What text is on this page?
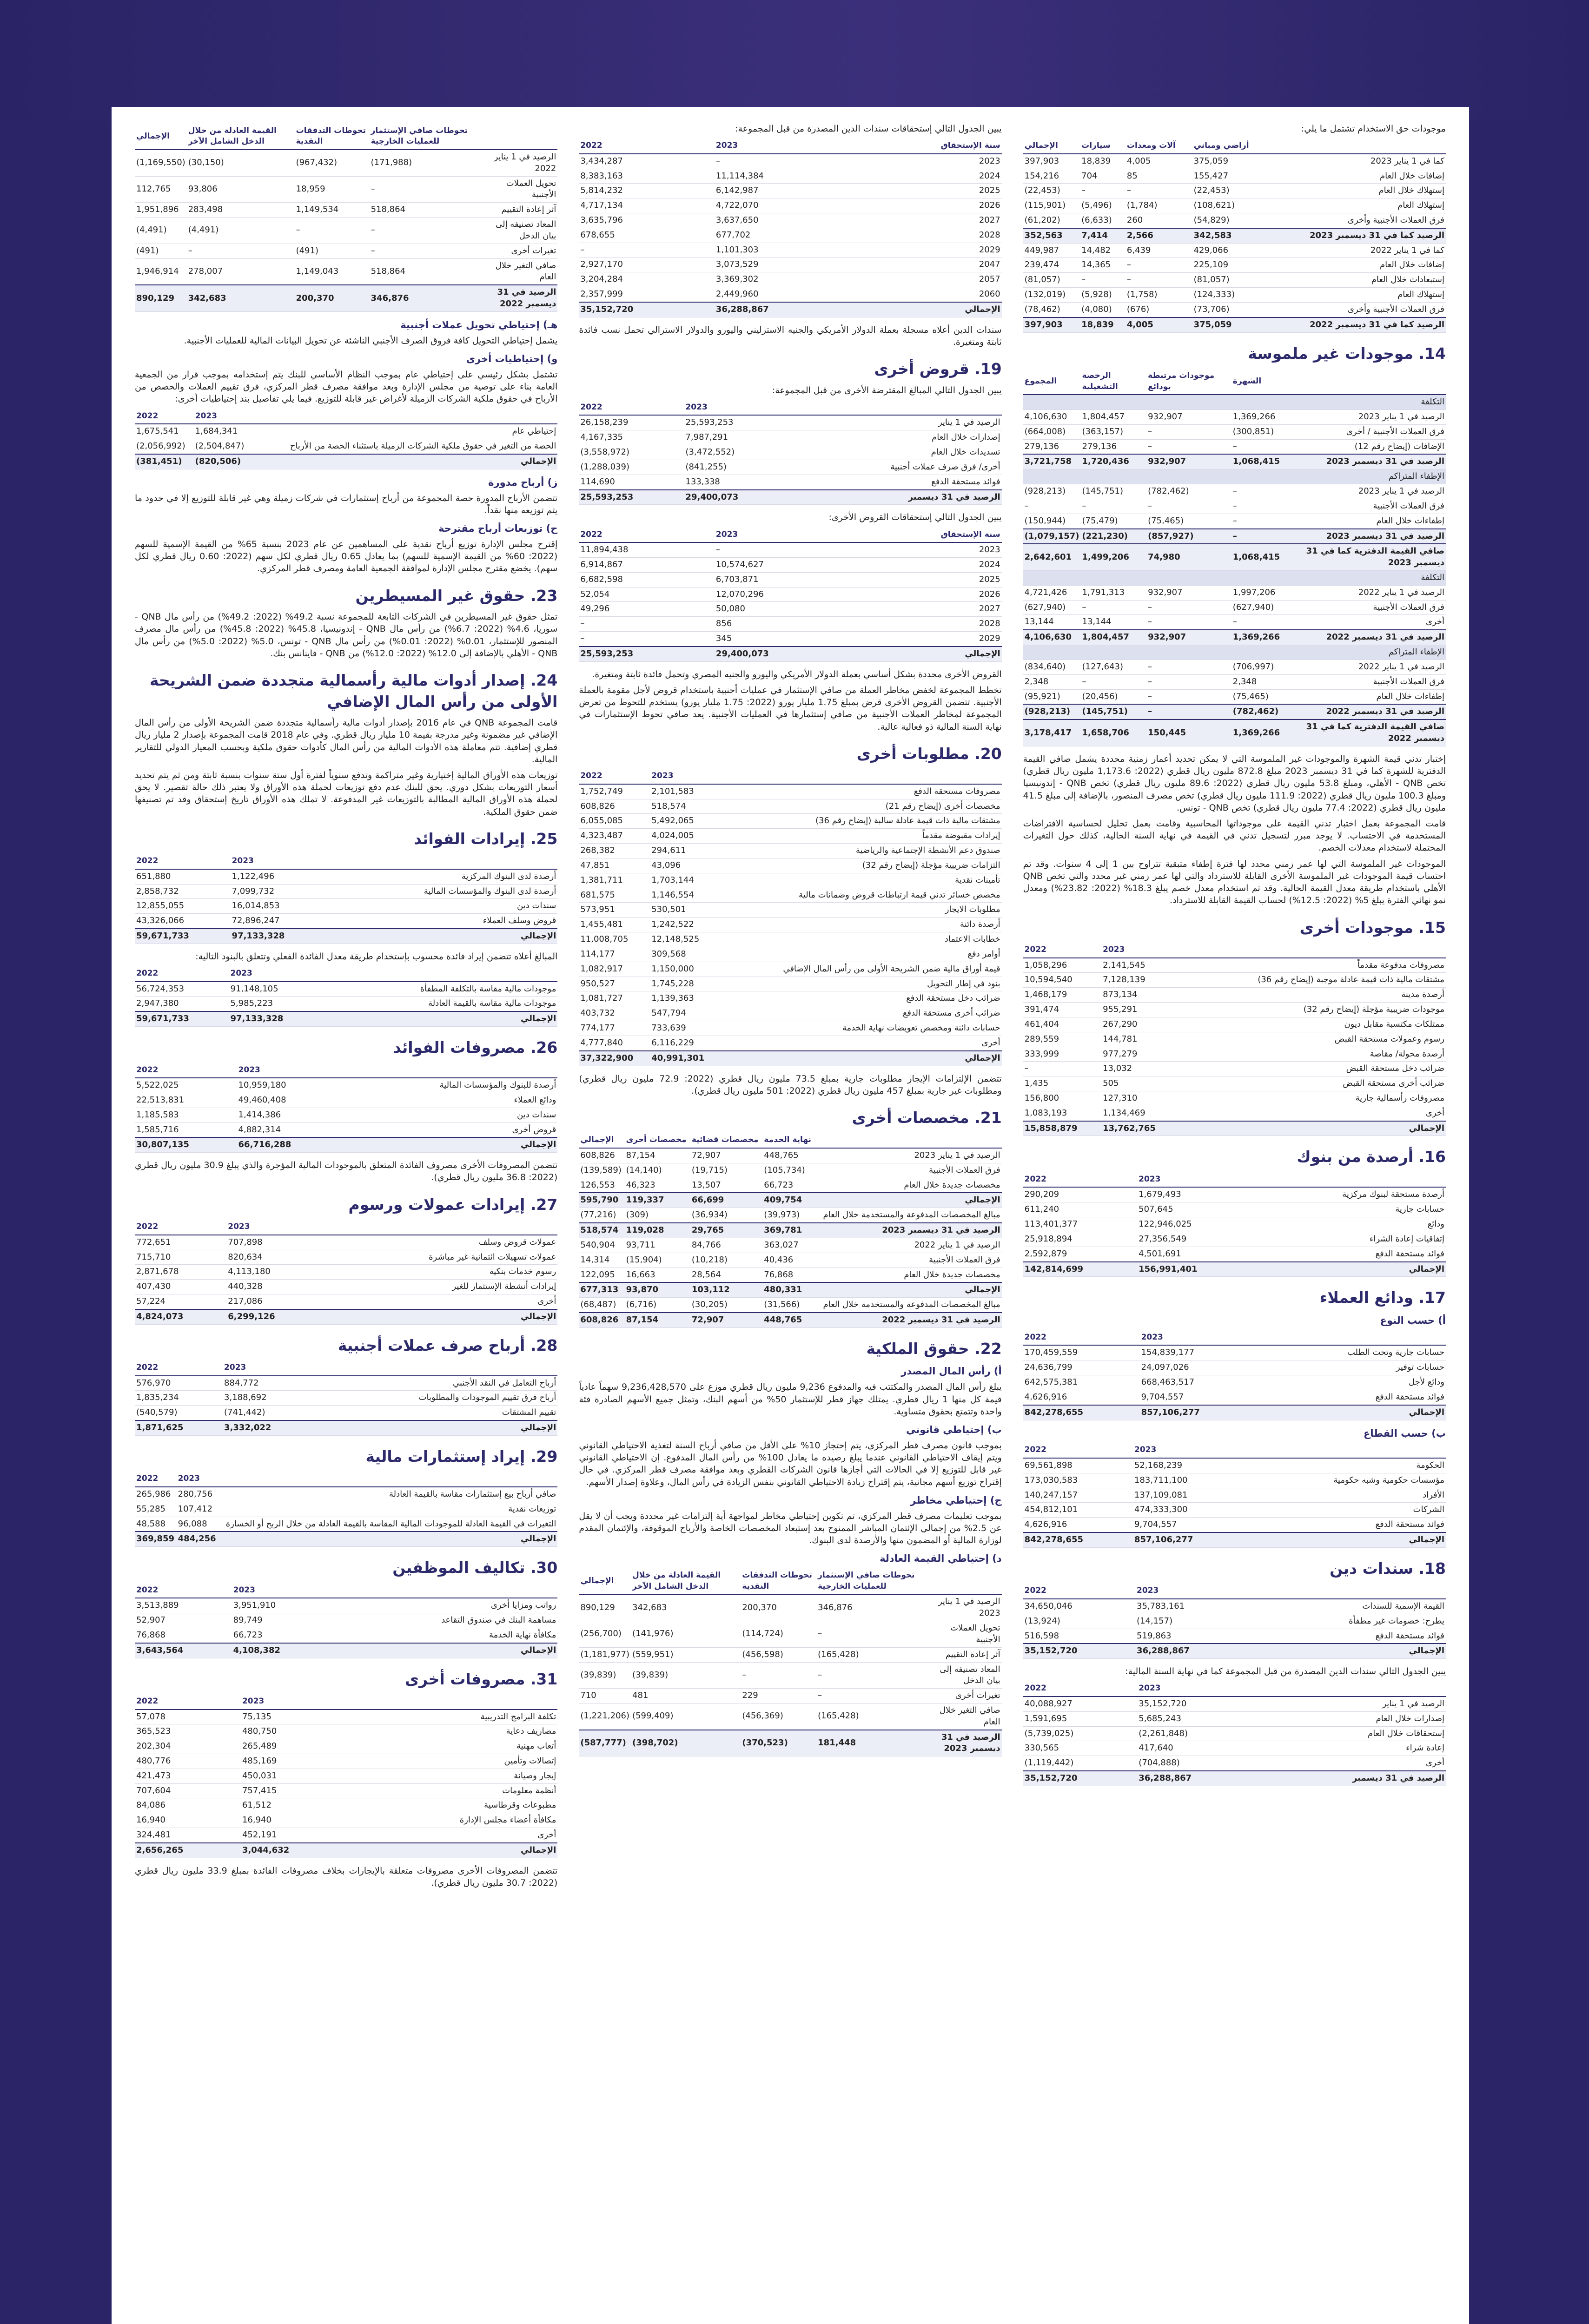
موجودات حق الاستخدام تشتمل ما يلي:

	أراضي ومباني	آلات ومعدات	سيارات	الإجمالي
كما في 1 يناير 2023	375,059	4,005	18,839	397,903
إضافات خلال العام	155,427	85	704	154,216
إستهلاك خلال العام	(22,453)	–	–	(22,453)
إستهلاك العام	(108,621)	(1,784)	(5,496)	(115,901)
فرق العملات الأجنبية وأخرى	(54,829)	260	(6,633)	(61,202)
الرصيد كما في 31 ديسمبر 2023	342,583	2,566	7,414	352,563
كما في 1 يناير 2022	429,066	6,439	14,482	449,987
إضافات خلال العام	225,109	–	14,365	239,474
إستبعادات خلال العام	(81,057)	–	–	(81,057)
إستهلاك العام	(124,333)	(1,758)	(5,928)	(132,019)
فرق العملات الأجنبية وأخرى	(73,706)	(676)	(4,080)	(78,462)
الرصيد كما في 31 ديسمبر 2022	375,059	4,005	18,839	397,903
14. موجودات غير ملموسة
	الشهرة	موجودات مرتبطة بودائع	الرخصة التشغيلية	المجموع
التكلفة				
الرصيد في 1 يناير 2023	1,369,266	932,907	1,804,457	4,106,630
فرق العملات الأجنبية / أخرى	(300,851)	–	(363,157)	(664,008)
الإضافات (إيضاح رقم 12)	–	–	279,136	279,136
الرصيد في 31 ديسمبر 2023	1,068,415	932,907	1,720,436	3,721,758
الإطفاء المتراكم				
الرصيد في 1 يناير 2023	–	(782,462)	(145,751)	(928,213)
فرق العملات الأجنبية	–	–	–	–
إطفاءات خلال العام	–	(75,465)	(75,479)	(150,944)
الرصيد في 31 ديسمبر 2023	–	(857,927)	(221,230)	(1,079,157)
صافي القيمة الدفترية كما في 31 ديسمبر 2023	1,068,415	74,980	1,499,206	2,642,601
التكلفة				
الرصيد في 1 يناير 2022	1,997,206	932,907	1,791,313	4,721,426
فرق العملات الأجنبية	(627,940)	–	–	(627,940)
أخرى	–	–	13,144	13,144
الرصيد في 31 ديسمبر 2022	1,369,266	932,907	1,804,457	4,106,630
الإطفاء المتراكم				
الرصيد في 1 يناير 2022	(706,997)	–	(127,643)	(834,640)
فرق العملات الأجنبية	2,348	–	–	2,348
إطفاءات خلال العام	(75,465)	–	(20,456)	(95,921)
الرصيد في 31 ديسمبر 2022	(782,462)	–	(145,751)	(928,213)
صافي القيمة الدفترية كما في 31 ديسمبر 2022	1,369,266	150,445	1,658,706	3,178,417

إختبار تدني قيمة الشهرة والموجودات غير الملموسة التي لا يمكن تحديد أعمار زمنية محددة يشمل صافي القيمة الدفترية للشهرة كما في 31 ديسمبر 2023 مبلغ 872.8 مليون ريال قطري (2022: 1,173.6 مليون ريال قطري) تخص QNB - الأهلي، ومبلغ 53.8 مليون ريال قطري (2022: 89.6 مليون ريال قطري) تخص QNB - إندونيسيا ومبلغ 100.3 مليون ريال قطري (2022: 111.9 مليون ريال قطري) تخص مصرف المنصور، بالإضافة إلى مبلغ 41.5 مليون ريال قطري (2022: 77.4 مليون ريال قطري) تخص QNB - تونس.

قامت المجموعة بعمل اختبار تدني القيمة على موجوداتها المحاسبية وقامت بعمل تحليل لحساسية الافتراضات المستخدمة في الاحتساب. لا يوجد مبرر لتسجيل تدني في القيمة في نهاية السنة الحالية، كذلك حول التغيرات المحتملة لاستخدام معدلات الخصم.

الموجودات غير الملموسة التي لها عمر زمني محدد لها فترة إطفاء متبقية تتراوح بين 1 إلى 4 سنوات. وقد تم احتساب قيمة الموجودات غير الملموسة الأخرى القابلة للاسترداد والتي لها عمر زمني غير محدد والتي تخص QNB الأهلي باستخدام طريقة معدل القيمة الحالية. وقد تم استخدام معدل خصم يبلغ 18.3% (2022: 23.82%) ومعدل نمو نهائي الفترة يبلغ 5% (2022: 12.5%) لحساب القيمة القابلة للاسترداد.

15. موجودات أخرى
	2023	2022
مصروفات مدفوعة مقدماً	2,141,545	1,058,296
مشتقات مالية ذات قيمة عادلة موجبة (إيضاح رقم 36)	7,128,139	10,594,540
أرصدة مدينة	873,134	1,468,179
موجودات ضريبية مؤجلة (إيضاح رقم 32)	955,291	391,474
ممتلكات مكتسبة مقابل ديون	267,290	461,404
رسوم وعمولات مستحقة القبض	144,781	289,559
أرصدة محولة/ مقاصة	977,279	333,999
ضرائب دخل مستحقة القبض	13,032	–
ضرائب أخرى مستحقة القبض	505	1,435
مصروفات رأسمالية جارية	127,310	156,800
أخرى	1,134,469	1,083,193
الإجمالي	13,762,765	15,858,879
16. أرصدة من بنوك
	2023	2022
أرصدة مستحقة لبنوك مركزية	1,679,493	290,209
حسابات جارية	507,645	611,240
ودائع	122,946,025	113,401,377
إتفاقيات إعادة الشراء	27,356,549	25,918,894
فوائد مستحقة الدفع	4,501,691	2,592,879
الإجمالي	156,991,401	142,814,699
17. ودائع العملاء
أ) حسب النوع
	2023	2022
حسابات جارية وتحت الطلب	154,839,177	170,459,559
حسابات توفير	24,097,026	24,636,799
ودائع لأجل	668,463,517	642,575,381
فوائد مستحقة الدفع	9,704,557	4,626,916
الإجمالي	857,106,277	842,278,655
ب) حسب القطاع
	2023	2022
الحكومة	52,168,239	69,561,898
مؤسسات حكومية وشبه حكومية	183,711,100	173,030,583
الأفراد	137,109,081	140,247,157
الشركات	474,333,300	454,812,101
فوائد مستحقة الدفع	9,704,557	4,626,916
الإجمالي	857,106,277	842,278,655
18. سندات دين
	2023	2022
القيمة الإسمية للسندات	35,783,161	34,650,046
يطرح: خصومات غير مطفأة	(14,157)	(13,924)
فوائد مستحقة الدفع	519,863	516,598
الإجمالي	36,288,867	35,152,720

يبين الجدول التالي سندات الدين المصدرة من قبل المجموعة كما في نهاية السنة المالية:

	2023	2022
الرصيد في 1 يناير	35,152,720	40,088,927
إصدارات خلال العام	5,685,243	1,591,695
إستحقاقات خلال العام	(2,261,848)	(5,739,025)
إعادة شراء	417,640	330,565
أخرى	(704,888)	(1,119,442)
الرصيد في 31 ديسمبر	36,288,867	35,152,720

يبين الجدول التالي إستحقاقات سندات الدين المصدرة من قبل المجموعة:

سنة الإستحقاق	2023	2022
2023	–	3,434,287
2024	11,114,384	8,383,163
2025	6,142,987	5,814,232
2026	4,722,070	4,717,134
2027	3,637,650	3,635,796
2028	677,702	678,655
2029	1,101,303	–
2047	3,073,529	2,927,170
2057	3,369,302	3,204,284
2060	2,449,960	2,357,999
الإجمالي	36,288,867	35,152,720

سندات الدين أعلاه مسجلة بعملة الدولار الأمريكي والجنيه الاسترليني واليورو والدولار الاسترالي تحمل نسب فائدة ثابتة ومتغيرة.

19. قروض أخرى

يبين الجدول التالي المبالغ المقترضة الأخرى من قبل المجموعة:

	2023	2022
الرصيد في 1 يناير	25,593,253	26,158,239
إصدارات خلال العام	7,987,291	4,167,335
تسديدات خلال العام	(3,472,552)	(3,558,972)
أخرى/ فرق صرف عملات أجنبية	(841,255)	(1,288,039)
فوائد مستحقة الدفع	133,338	114,690
الرصيد في 31 ديسمبر	29,400,073	25,593,253

يبين الجدول التالي إستحقاقات القروض الأخرى:

سنة الإستحقاق	2023	2022
2023	–	11,894,438
2024	10,574,627	6,914,867
2025	6,703,871	6,682,598
2026	12,070,296	52,054
2027	50,080	49,296
2028	856	–
2029	345	–
الإجمالي	29,400,073	25,593,253

القروض الأخرى محددة بشكل أساسي بعملة الدولار الأمريكي واليورو والجنيه المصري وتحمل فائدة ثابتة ومتغيرة.

تخطط المجموعة لخفض مخاطر العملة من صافي الإستثمار في عمليات أجنبية باستخدام قروض لأجل مقومة بالعملة الأجنبية. تتضمن القروض الأخرى قرض بمبلغ 1.75 مليار يورو (2022: 1.75 مليار يورو) يستخدم للتحوط من تعرض المجموعة لمخاطر العملات الأجنبية من صافي إستثمارها في العمليات الأجنبية. يعد صافي تحوط الإستثمارات في نهاية السنة المالية ذو فعالية عالية.

20. مطلوبات أخرى
	2023	2022
مصروفات مستحقة الدفع	2,101,583	1,752,749
مخصصات أخرى (إيضاح رقم 21)	518,574	608,826
مشتقات مالية ذات قيمة عادلة سالبة (إيضاح رقم 36)	5,492,065	6,055,085
إيرادات مقبوضة مقدماً	4,024,005	4,323,487
صندوق دعم الأنشطة الإجتماعية والرياضية	294,611	268,382
التزامات ضريبية مؤجلة (إيضاح رقم 32)	43,096	47,851
تأمينات نقدية	1,703,144	1,381,711
مخصص خسائر تدني قيمة ارتباطات قروض وضمانات مالية	1,146,554	681,575
مطلوبات الايجار	530,501	573,951
أرصدة دائنة	1,242,522	1,455,481
خطابات الاعتماد	12,148,525	11,008,705
أوامر دفع	309,568	114,177
قيمة أوراق مالية ضمن الشريحة الأولى من رأس المال الإضافي	1,150,000	1,082,917
بنود في إطار التحويل	1,745,228	950,527
ضرائب دخل مستحقة الدفع	1,139,363	1,081,727
ضرائب أخرى مستحقة الدفع	547,794	403,732
حسابات دائنة ومخصص تعويضات نهاية الخدمة	733,639	774,177
أخرى	6,116,229	4,777,840
الإجمالي	40,991,301	37,322,900

تتضمن الإلتزامات الإيجار مطلوبات جارية بمبلغ 73.5 مليون ريال قطري (2022: 72.9 مليون ريال قطري) ومطلوبات غير جارية بمبلغ 457 مليون ريال قطري (2022: 501 مليون ريال قطري).

21. مخصصات أخرى
	نهاية الخدمة	مخصصات قضائية	مخصصات أخرى	الإجمالي
الرصيد في 1 يناير 2023	448,765	72,907	87,154	608,826
فرق العملات الأجنبية	(105,734)	(19,715)	(14,140)	(139,589)
مخصصات جديدة خلال العام	66,723	13,507	46,323	126,553
الإجمالي	409,754	66,699	119,337	595,790
مبالغ المخصصات المدفوعة والمستخدمة خلال العام	(39,973)	(36,934)	(309)	(77,216)
الرصيد في 31 ديسمبر 2023	369,781	29,765	119,028	518,574
الرصيد في 1 يناير 2022	363,027	84,766	93,711	540,904
فرق العملات الأجنبية	40,436	(10,218)	(15,904)	14,314
مخصصات جديدة خلال العام	76,868	28,564	16,663	122,095
الإجمالي	480,331	103,112	93,870	677,313
مبالغ المخصصات المدفوعة والمستخدمة خلال العام	(31,566)	(30,205)	(6,716)	(68,487)
الرصيد في 31 ديسمبر 2022	448,765	72,907	87,154	608,826
22. حقوق الملكية
أ) رأس المال المصدر

يبلغ رأس المال المصدر والمكتتب فيه والمدفوع 9,236 مليون ريال قطري موزع على 9,236,428,570 سهماً عادياً قيمة كل منها 1 ريال قطري. يمتلك جهاز قطر للإستثمار 50% من أسهم البنك، وتمثل جميع الأسهم الصادرة فئة واحدة وتتمتع بحقوق متساوية.

ب) إحتياطي قانوني

بموجب قانون مصرف قطر المركزي، يتم إحتجاز 10% على الأقل من صافي أرباح السنة لتغذية الاحتياطي القانوني ويتم إيقاف الاحتياطي القانوني عندما يبلغ رصيده ما يعادل 100% من رأس المال المدفوع. إن الاحتياطي القانوني غير قابل للتوزيع إلا في الحالات التي أجازها قانون الشركات القطري وبعد موافقة مصرف قطر المركزي. في حال إقتراح توزيع أسهم مجانية، يتم إقتراح زيادة الاحتياطي القانوني بنفس الزيادة في رأس المال، وعلاوة إصدار الأسهم.

ج) إحتياطي مخاطر

بموجب تعليمات مصرف قطر المركزي، تم تكوين إحتياطي مخاطر لمواجهة أية إلتزامات غير محددة ويجب أن لا يقل عن 2.5% من إجمالي الإئتمان المباشر الممنوح بعد إستبعاد المخصصات الخاصة والأرباح الموقوفة، والإئتمان المقدم لوزارة المالية أو المضمون منها والأرصدة لدى البنوك.

د) إحتياطي القيمة العادلة
	تحوطات صافي الإستثمار للعمليات الخارجية	تحوطات التدفقات النقدية	القيمة العادلة من خلال الدخل الشامل الآخر	الإجمالي
الرصيد في 1 يناير 2023	346,876	200,370	342,683	890,129
تحويل العملات الأجنبية	–	(114,724)	(141,976)	(256,700)
آثر إعادة التقييم	(165,428)	(456,598)	(559,951)	(1,181,977)
المعاد تصنيفه إلى بيان الدخل	–	–	(39,839)	(39,839)
تغيرات أخرى	–	229	481	710
صافي التغير خلال العام	(165,428)	(456,369)	(599,409)	(1,221,206)
الرصيد في 31 ديسمبر 2023	181,448	(370,523)	(398,702)	(587,777)
	تحوطات صافي الإستثمار للعمليات الخارجية	تحوطات التدفقات النقدية	القيمة العادلة من خلال الدخل الشامل الآخر	الإجمالي
الرصيد في 1 يناير 2022	(171,988)	(967,432)	(30,150)	(1,169,550)
تحويل العملات الأجنبية	–	18,959	93,806	112,765
آثر إعادة التقييم	518,864	1,149,534	283,498	1,951,896
المعاد تصنيفه إلى بيان الدخل	–	–	(4,491)	(4,491)
تغيرات أخرى	–	(491)	–	(491)
صافي التغير خلال العام	518,864	1,149,043	278,007	1,946,914
الرصيد في 31 ديسمبر 2022	346,876	200,370	342,683	890,129
هـ) إحتياطي تحويل عملات أجنبية

يشمل إحتياطي التحويل كافة فروق الصرف الأجنبي الناشئة عن تحويل البيانات المالية للعمليات الأجنبية.

و) إحتياطيات أخرى

تشتمل بشكل رئيسي على إحتياطي عام بموجب النظام الأساسي للبنك يتم إستخدامه بموجب قرار من الجمعية العامة بناء على توصية من مجلس الإدارة وبعد موافقة مصرف قطر المركزي، فرق تقييم العملات والحصص من الأرباح في حقوق ملكية الشركات الزميلة لأغراض غير قابلة للتوزيع. فيما يلي تفاصيل بند إحتياطيات أخرى:

	2023	2022
إحتياطي عام	1,684,341	1,675,541
الحصة من التغير في حقوق ملكية الشركات الزميلة باستثناء الحصة من الأرباح	(2,504,847)	(2,056,992)
الإجمالي	(820,506)	(381,451)
ز) أرباح مدورة

تتضمن الأرباح المدورة حصة المجموعة من أرباح إستثمارات في شركات زميلة وهي غير قابلة للتوزيع إلا في حدود ما يتم توزيعه منها نقداً.

ح) توزيعات أرباح مقترحة

إقترح مجلس الإدارة توزيع أرباح نقدية على المساهمين عن عام 2023 بنسبة 65% من القيمة الإسمية للسهم (2022: 60% من القيمة الإسمية للسهم) بما يعادل 0.65 ريال قطري لكل سهم (2022: 0.60 ريال قطري لكل سهم). يخضع مقترح مجلس الإدارة لموافقة الجمعية العامة ومصرف قطر المركزي.

23. حقوق غير المسيطرين

تمثل حقوق غير المسيطرين في الشركات التابعة للمجموعة نسبة 49.2% (2022: 49.2%) من رأس مال QNB - سوريا، 4.6% (2022: 6.7%) من رأس مال QNB - إندونيسيا، 45.8% (2022: 45.8%) من رأس مال مصرف المنصور للإستثمار، 0.01% (2022: 0.01%) من رأس مال QNB - تونس، 5.0% (2022: 5.0%) من رأس مال QNB - الأهلي بالإضافة إلى 12.0% (2022: 12.0%) من QNB - فاينانس بنك.

24. إصدار أدوات مالية رأسمالية متجددة ضمن الشريحة الأولى من رأس المال الإضافي

قامت المجموعة QNB في عام 2016 بإصدار أدوات مالية رأسمالية متجددة ضمن الشريحة الأولى من رأس المال الإضافي غير مضمونة وغير مدرجة بقيمة 10 مليار ريال قطري. وفي عام 2018 قامت المجموعة بإصدار 2 مليار ريال قطري إضافية. تتم معاملة هذه الأدوات المالية من رأس المال كأدوات حقوق ملكية وبحسب المعيار الدولي للتقارير المالية.

توزيعات هذه الأوراق المالية إختيارية وغير متراكمة وتدفع سنوياً لفترة أول ستة سنوات بنسبة ثابتة ومن ثم يتم تحديد أسعار التوزيعات بشكل دوري. يحق للبنك عدم دفع توزيعات لحملة هذه الأوراق ولا يعتبر ذلك حالة تقصير. لا يحق لحملة هذه الأوراق المالية المطالبة بالتوزيعات غير المدفوعة. لا تملك هذه الأوراق تاريخ إستحقاق وقد تم تصنيفها ضمن حقوق الملكية.

25. إيرادات الفوائد
	2023	2022
أرصدة لدى البنوك المركزية	1,122,496	651,880
أرصدة لدى البنوك والمؤسسات المالية	7,099,732	2,858,732
سندات دين	16,014,853	12,855,055
قروض وسلف العملاء	72,896,247	43,326,066
الإجمالي	97,133,328	59,671,733

المبالغ أعلاه تتضمن إيراد فائدة محسوب بإستخدام طريقة معدل الفائدة الفعلي وتتعلق بالبنود التالية:

	2023	2022
موجودات مالية مقاسة بالتكلفة المطفأة	91,148,105	56,724,353
موجودات مالية مقاسة بالقيمة العادلة	5,985,223	2,947,380
الإجمالي	97,133,328	59,671,733
26. مصروفات الفوائد
	2023	2022
أرصدة للبنوك والمؤسسات المالية	10,959,180	5,522,025
ودائع العملاء	49,460,408	22,513,831
سندات دين	1,414,386	1,185,583
قروض أخرى	4,882,314	1,585,716
الإجمالي	66,716,288	30,807,135

تتضمن المصروفات الأخرى مصروف الفائدة المتعلق بالموجودات المالية المؤجرة والذي يبلغ 30.9 مليون ريال قطري (2022: 36.8 مليون ريال قطري).

27. إيرادات عمولات ورسوم
	2023	2022
عمولات قروض وسلف	707,898	772,651
عمولات تسهيلات ائتمانية غير مباشرة	820,634	715,710
رسوم خدمات بنكية	4,113,180	2,871,678
إيرادات أنشطة الإستثمار للغير	440,328	407,430
أخرى	217,086	57,224
الإجمالي	6,299,126	4,824,073
28. أرباح صرف عملات أجنبية
	2023	2022
أرباح التعامل في النقد الأجنبي	884,772	576,970
أرباح فرق تقييم الموجودات والمطلوبات	3,188,692	1,835,234
تقييم المشتقات	(741,442)	(540,579)
الإجمالي	3,332,022	1,871,625
29. إيراد إستثمارات مالية
	2023	2022
صافي أرباح بيع إستثمارات مقاسة بالقيمة العادلة	280,756	265,986
توزيعات نقدية	107,412	55,285
التغيرات في القيمة العادلة للموجودات المالية المقاسة بالقيمة العادلة من خلال الربح أو الخسارة	96,088	48,588
الإجمالي	484,256	369,859
30. تكاليف الموظفين
	2023	2022
رواتب ومزايا أخرى	3,951,910	3,513,889
مساهمة البنك في صندوق التقاعد	89,749	52,907
مكافأة نهاية الخدمة	66,723	76,868
الإجمالي	4,108,382	3,643,564
31. مصروفات أخرى
	2023	2022
تكلفة البرامج التدريبية	75,135	57,078
مصاريف دعاية	480,750	365,523
أتعاب مهنية	265,489	202,304
إتصالات وتأمين	485,169	480,776
إيجار وصيانة	450,031	421,473
أنظمة معلومات	757,415	707,604
مطبوعات وقرطاسية	61,512	84,086
مكافأة أعضاء مجلس الإدارة	16,940	16,940
أخرى	452,191	324,481
الإجمالي	3,044,632	2,656,265

تتضمن المصروفات الأخرى مصروفات متعلقة بالإيجارات بخلاف مصروفات الفائدة بمبلغ 33.9 مليون ريال قطري (2022: 30.7 مليون ريال قطري).
